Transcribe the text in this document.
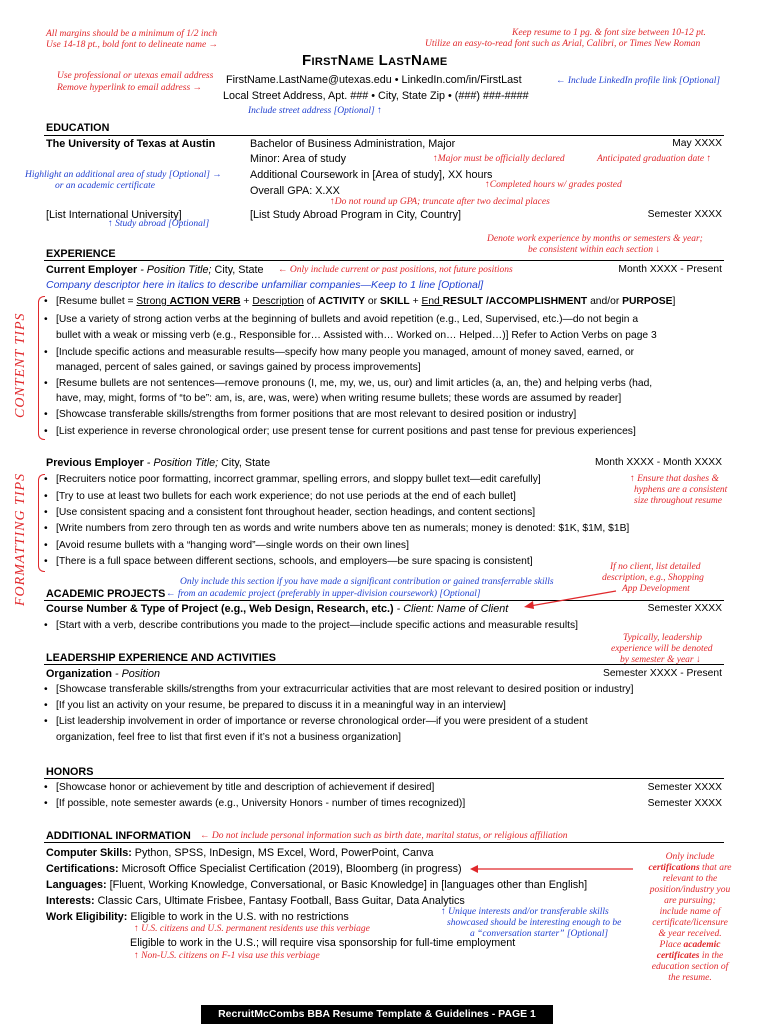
All margins should be a minimum of 1/2 inch
Use 14-18 pt., bold font to delineate name →
Keep resume to 1 pg. & font size between 10-12 pt.
Utilize an easy-to-read font such as Arial, Calibri, or Times New Roman
FirstName LastName
Use professional or utexas email address
Remove hyperlink to email address →
FirstName.LastName@utexas.edu • LinkedIn.com/in/FirstLast	← Include LinkedIn profile link [Optional]
Local Street Address, Apt. ### • City, State Zip • (###) ###-####
Include street address [Optional] ↑
EDUCATION
The University of Texas at Austin	Bachelor of Business Administration, Major	May XXXX
Minor: Area of study	↑Major must be officially declared	Anticipated graduation date ↑
Highlight an additional area of study [Optional] →
or an academic certificate
Additional Coursework in [Area of study], XX hours
↑Completed hours w/ grades posted
Overall GPA: X.XX
↑Do not round up GPA; truncate after two decimal places
[List International University]
↑ Study abroad [Optional]
[List Study Abroad Program in City, Country]	Semester XXXX
Denote work experience by months or semesters & year;
be consistent within each section ↓
EXPERIENCE
Current Employer - Position Title; City, State ← Only include current or past positions, not future positions	Month XXXX - Present
Company descriptor here in italics to describe unfamiliar companies—Keep to 1 line [Optional]
CONTENT TIPS
• [Resume bullet = Strong ACTION VERB + Description of ACTIVITY or SKILL + End RESULT /ACCOMPLISHMENT and/or PURPOSE]
• [Use a variety of strong action verbs at the beginning of bullets and avoid repetition (e.g., Led, Supervised, etc.)—do not begin a
bullet with a weak or missing verb (e.g., Responsible for… Assisted with… Worked on… Helped…)] Refer to Action Verbs on page 3
• [Include specific actions and measurable results—specify how many people you managed, amount of money saved, earned, or
managed, percent of sales gained, or savings gained by process improvements]
• [Resume bullets are not sentences—remove pronouns (I, me, my, we, us, our) and limit articles (a, an, the) and helping verbs (had,
have, may, might, forms of “to be”: am, is, are, was, were) when writing resume bullets; these words are assumed by reader]
• [Showcase transferable skills/strengths from former positions that are most relevant to desired position or industry]
• [List experience in reverse chronological order; use present tense for current positions and past tense for previous experiences]
Previous Employer - Position Title; City, State	Month XXXX - Month XXXX
FORMATTING TIPS • [Recruiters notice poor formatting, incorrect grammar, spelling errors, and sloppy bullet text—edit carefully]
• [Try to use at least two bullets for each work experience; do not use periods at the end of each bullet]
• [Use consistent spacing and a consistent font throughout header, section headings, and content sections]
• [Write numbers from zero through ten as words and write numbers above ten as numerals; money is denoted: $1K, $1M, $1B]
• [Avoid resume bullets with a “hanging word”—single words on their own lines]
• [There is a full space between different sections, schools, and employers—be sure spacing is consistent]
↑ Ensure that dashes &
hyphens are a consistent
size throughout resume
If no client, list detailed
description, e.g., Shopping
App Development
Only include this section if you have made a significant contribution or gained transferrable skills
ACADEMIC PROJECTS ← from an academic project (preferably in upper-division coursework) [Optional]
Course Number & Type of Project (e.g., Web Design, Research, etc.) - Client: Name of Client	Semester XXXX
• [Start with a verb, describe contributions you made to the project—include specific actions and measurable results]
Typically, leadership
experience will be denoted
by semester & year ↓
LEADERSHIP EXPERIENCE AND ACTIVITIES
Organization - Position	Semester XXXX - Present
• [Showcase transferable skills/strengths from your extracurricular activities that are most relevant to desired position or industry]
• [If you list an activity on your resume, be prepared to discuss it in a meaningful way in an interview]
• [List leadership involvement in order of importance or reverse chronological order—if you were president of a student
organization, feel free to list that first even if it’s not a business organization]
HONORS
• [Showcase honor or achievement by title and description of achievement if desired]	Semester XXXX
• [If possible, note semester awards (e.g., University Honors - number of times recognized)]	Semester XXXX
ADDITIONAL INFORMATION ← Do not include personal information such as birth date, marital status, or religious affiliation
Computer Skills: Python, SPSS, InDesign, MS Excel, Word, PowerPoint, Canva
Certifications: Microsoft Office Specialist Certification (2019), Bloomberg (in progress)
Languages: [Fluent, Working Knowledge, Conversational, or Basic Knowledge] in [languages other than English]
Interests: Classic Cars, Ultimate Frisbee, Fantasy Football, Bass Guitar, Data Analytics
Work Eligibility: Eligible to work in the U.S. with no restrictions
↑ U.S. citizens and U.S. permanent residents use this verbiage
Eligible to work in the U.S.; will require visa sponsorship for full-time employment
↑ Non-U.S. citizens on F-1 visa use this verbiage
↑ Unique interests and/or transferable skills
showcased should be interesting enough to be
a “conversation starter” [Optional]
Only include
certifications that are
relevant to the
position/industry you
are pursuing;
include name of
certificate/licensure
& year received.
Place academic
certificates in the
education section of
the resume.
RecruitMcCombs BBA Resume Template & Guidelines - PAGE 1
